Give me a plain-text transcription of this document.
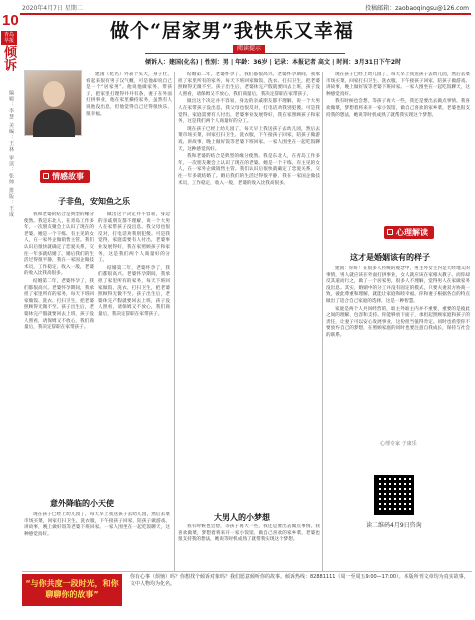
2020年4月7日 星期二	投稿邮箱：zaobaoqingsu@126.com
10
青岛早报
倾诉
编辑：李慧 美编：王林 审读：张帅 排版：王成
做个“居家男”我快乐又幸福
阅读提示
倾诉人：建国(化名) | 性别：男 | 年龄：36岁 | 记录：本报记者 高文 | 时间：3月31日下午2时

建国（化名）外表个头大，身子壮，看起来很有男子汉气概，可是他却说自己是一个“居家男”。他说他做家务、带孩子，把家里打理得井井有条，妻子在外面打拼事业，他在家里操持家务，虽然有人说他没出息，但他觉得自己过得很快乐、很幸福。

情感故事
子非鱼，安知鱼之乐

我和老婆的结合是典型的缘分使然。我是东北人，在青岛工作多年，一次朋友聚会上认识了现在的老婆。她是一个干练、有主见的女人，在一家外企做销售主管。我们认识后很快就确定了恋爱关系，交往一年多就结婚了。婚后我们的生活过得很平静，我在一家国企做技术员，工作稳定，收入一般，老婆的收入比我高很多。

结婚第二年，老婆怀孕了，我们都很高兴。老婆怀孕期间，我承担了家里所有的家务，每天下班回家做饭、洗衣、打扫卫生，把老婆照顾得无微不至。孩子出生后，老婆休完产假就要回去上班，孩子没人照看，请保姆又不放心，我们商量后，我决定辞职在家带孩子。

做出这个决定并不容易，身边的亲戚朋友都不理解，说一个大男人在家带孩子没出息。我父母也很反对，打电话劝我别犯傻。可是我觉得，家庭需要有人付出，老婆事业发展得好，我在家照顾孩子和家务，这是我们两个人商量好的分工。

结婚第二年，老婆怀孕了，我们都很高兴。老婆怀孕期间，我承担了家里所有的家务，每天下班回家做饭、洗衣、打扫卫生，把老婆照顾得无微不至。孩子出生后，老婆休完产假就要回去上班，孩子没人照看，请保姆又不放心，我们商量后，我决定辞职在家带孩子。

意外降临的小天使

现在孩子已经上幼儿园了，每天早上我送孩子去幼儿园，然后去菜市场买菜，回家打扫卫生、洗衣服，下午接孩子回家，陪孩子做游戏、讲故事，晚上做好饭等老婆下班回家。一家人围坐在一起吃饭聊天，这种感觉真好。

结婚第二年，老婆怀孕了，我们都很高兴。老婆怀孕期间，我承担了家里所有的家务，每天下班回家做饭、洗衣、打扫卫生，把老婆照顾得无微不至。孩子出生后，老婆休完产假就要回去上班，孩子没人照看，请保姆又不放心，我们商量后，我决定辞职在家带孩子。

做出这个决定并不容易，身边的亲戚朋友都不理解，说一个大男人在家带孩子没出息。我父母也很反对，打电话劝我别犯傻。可是我觉得，家庭需要有人付出，老婆事业发展得好，我在家照顾孩子和家务，这是我们两个人商量好的分工。

现在孩子已经上幼儿园了，每天早上我送孩子去幼儿园，然后去菜市场买菜，回家打扫卫生、洗衣服，下午接孩子回家，陪孩子做游戏、讲故事，晚上做好饭等老婆下班回家。一家人围坐在一起吃饭聊天，这种感觉真好。

我和老婆的结合是典型的缘分使然。我是东北人，在青岛工作多年，一次朋友聚会上认识了现在的老婆。她是一个干练、有主见的女人，在一家外企做销售主管。我们认识后很快就确定了恋爱关系，交往一年多就结婚了。婚后我们的生活过得很平静，我在一家国企做技术员，工作稳定，收入一般，老婆的收入比我高很多。

大男人的小梦想

我有时候也会想，等孩子再大一些，我还是要出去做点事情。我喜欢做菜，梦想着将来开一家小饭馆，做自己喜欢的家乡菜。老婆也很支持我的想法，她说等时机成熟了就帮我实现这个梦想。

现在孩子已经上幼儿园了，每天早上我送孩子去幼儿园，然后去菜市场买菜，回家打扫卫生、洗衣服，下午接孩子回家，陪孩子做游戏、讲故事，晚上做好饭等老婆下班回家。一家人围坐在一起吃饭聊天，这种感觉真好。

我有时候也会想，等孩子再大一些，我还是要出去做点事情。我喜欢做菜，梦想着将来开一家小饭馆，做自己喜欢的家乡菜。老婆也很支持我的想法，她说等时机成熟了就帮我实现这个梦想。

心理解读
这才是婚姻该有的样子

建国：你好！在很多人传统的观念中，男主外女主内是天经地义的事情，男人就应该在外面打拼事业，女人就应该在家相夫教子。而你却反其道而行之，做了一个居家男，很多人不理解，觉得男人在家做家务没出息。其实，婚姻中的分工并没有固定的模式，只要夫妻双方协商一致，彼此尊重和理解，就能让家庭和睦幸福。你和妻子根据各自的特点做出了适合自己家庭的选择，这是一种智慧。

家庭是两个人共同经营的，谁主外谁主内并不重要，重要的是彼此之间的理解、包容和支持。你能够放下面子，承担起照顾家庭和孩子的责任，让妻子可以安心发展事业，这份担当值得肯定。同时也希望你不要放弃自己的梦想，在照顾家庭的同时也要注意自我成长，保持与社会的联系。

心理专家 于康乐
读二维码4月9日咨询
“与你共度一段时光，和你聊聊你的故事”
你有心事（烦恼）吗？你想找个倾诉对象吗？我们愿意倾听你的故事。倾诉热线：82881111（周一至周五9:00—17:00）。本版所刊文章均为真实故事，文中人物均为化名。
